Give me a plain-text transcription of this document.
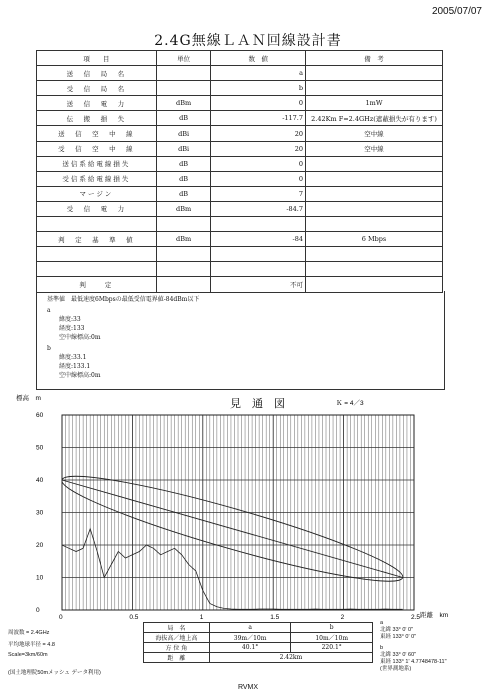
2005/07/07
2.4G無線ＬＡＮ回線設計書
項　　目	単位	数　値	備　考
送　信　局　名		a	
受　信　局　名		b	
送　信　電　力	dBm	0	1mW
伝　搬　損　失	dB	-117.7	2.42Km F=2.4GHz(遮蔽損失が有ります)
送　信　空　中　線	dBi	20	空中線
受　信　空　中　線	dBi	20	空中線
送信系給電線損失	dB	0	
受信系給電線損失	dB	0	
マージン	dB	7	
受　信　電　力	dBm	-84.7	

判　定　基　準　値	dBm	-84	6 Mbps

判　　定		不可	
基準値　最低速度6Mbpsの最低受信電界値-84dBm以下
a
緯度:33
経度:133
空中線標高:0m
b
緯度:33.1
経度:133.1
空中線標高:0m
0
10
20
30
40
50
60
0	0.5	1	1.5	2	2.5
標高　m	見　通　図	Ｋ = 4／3
距離　km
周波数 = 2.4GHz
平均地球半径 = 4.8
Scale=3km/60m
(国土地理院50mメッシュ データ利用)
局　名	a	b
海抜高／地上高	39m／10m	10m／10m
方 位 角	40.1°	220.1°
距　離	2.42km	
a
北緯 33° 0' 0"
東経 133° 0' 0"
b
北緯 33° 0' 60"
東経 133° 1' 4.7748478-11"
(世界測地系)
RVMX
